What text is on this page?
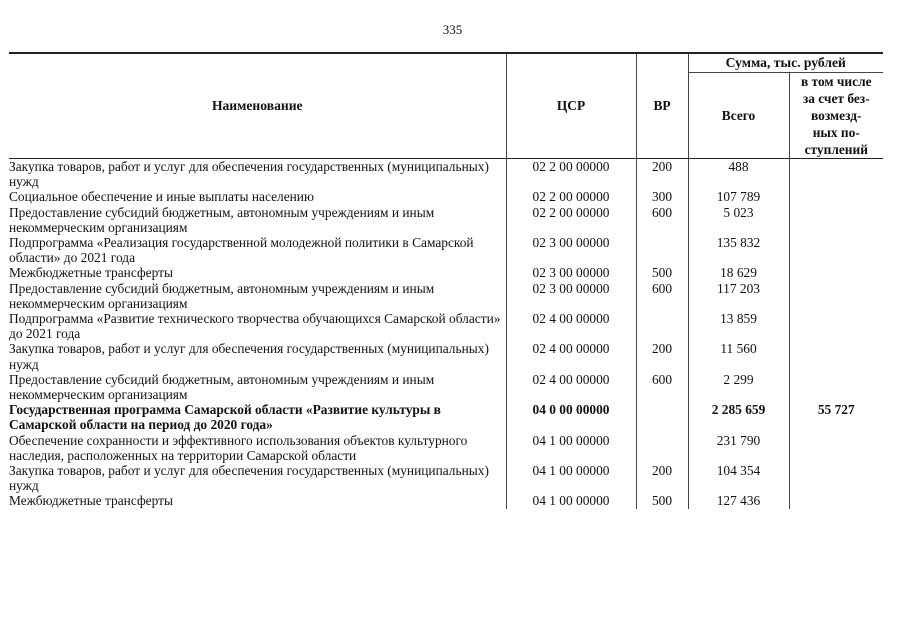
335
Наименование	ЦСР	ВР	Сумма, тыс. рублей	
			Всего	в том числе
за счет без-
возмезд-
ных по-
ступлений
Закупка товаров, работ и услуг для обеспечения государственных (муниципальных) нужд	02 2 00 00000	200	488	
Социальное обеспечение и иные выплаты населению	02 2 00 00000	300	107 789	
Предоставление субсидий бюджетным, автономным учреждениям и иным некоммерческим организациям	02 2 00 00000	600	5 023	
Подпрограмма «Реализация государственной молодежной политики в Самарской области» до 2021 года	02 3 00 00000		135 832	
Межбюджетные трансферты	02 3 00 00000	500	18 629	
Предоставление субсидий бюджетным, автономным учреждениям и иным некоммерческим организациям	02 3 00 00000	600	117 203	
Подпрограмма «Развитие технического творчества обучающихся Самарской области» до 2021 года	02 4 00 00000		13 859	
Закупка товаров, работ и услуг для обеспечения государственных (муниципальных) нужд	02 4 00 00000	200	11 560	
Предоставление субсидий бюджетным, автономным учреждениям и иным некоммерческим организациям	02 4 00 00000	600	2 299	
Государственная программа Самарской области «Развитие культуры в Самарской области на период до 2020 года»	04 0 00 00000		2 285 659	55 727
Обеспечение сохранности и эффективного использования объектов культурного наследия, расположенных на территории Самарской области	04 1 00 00000		231 790	
Закупка товаров, работ и услуг для обеспечения государственных (муниципальных) нужд	04 1 00 00000	200	104 354	
Межбюджетные трансферты	04 1 00 00000	500	127 436	
